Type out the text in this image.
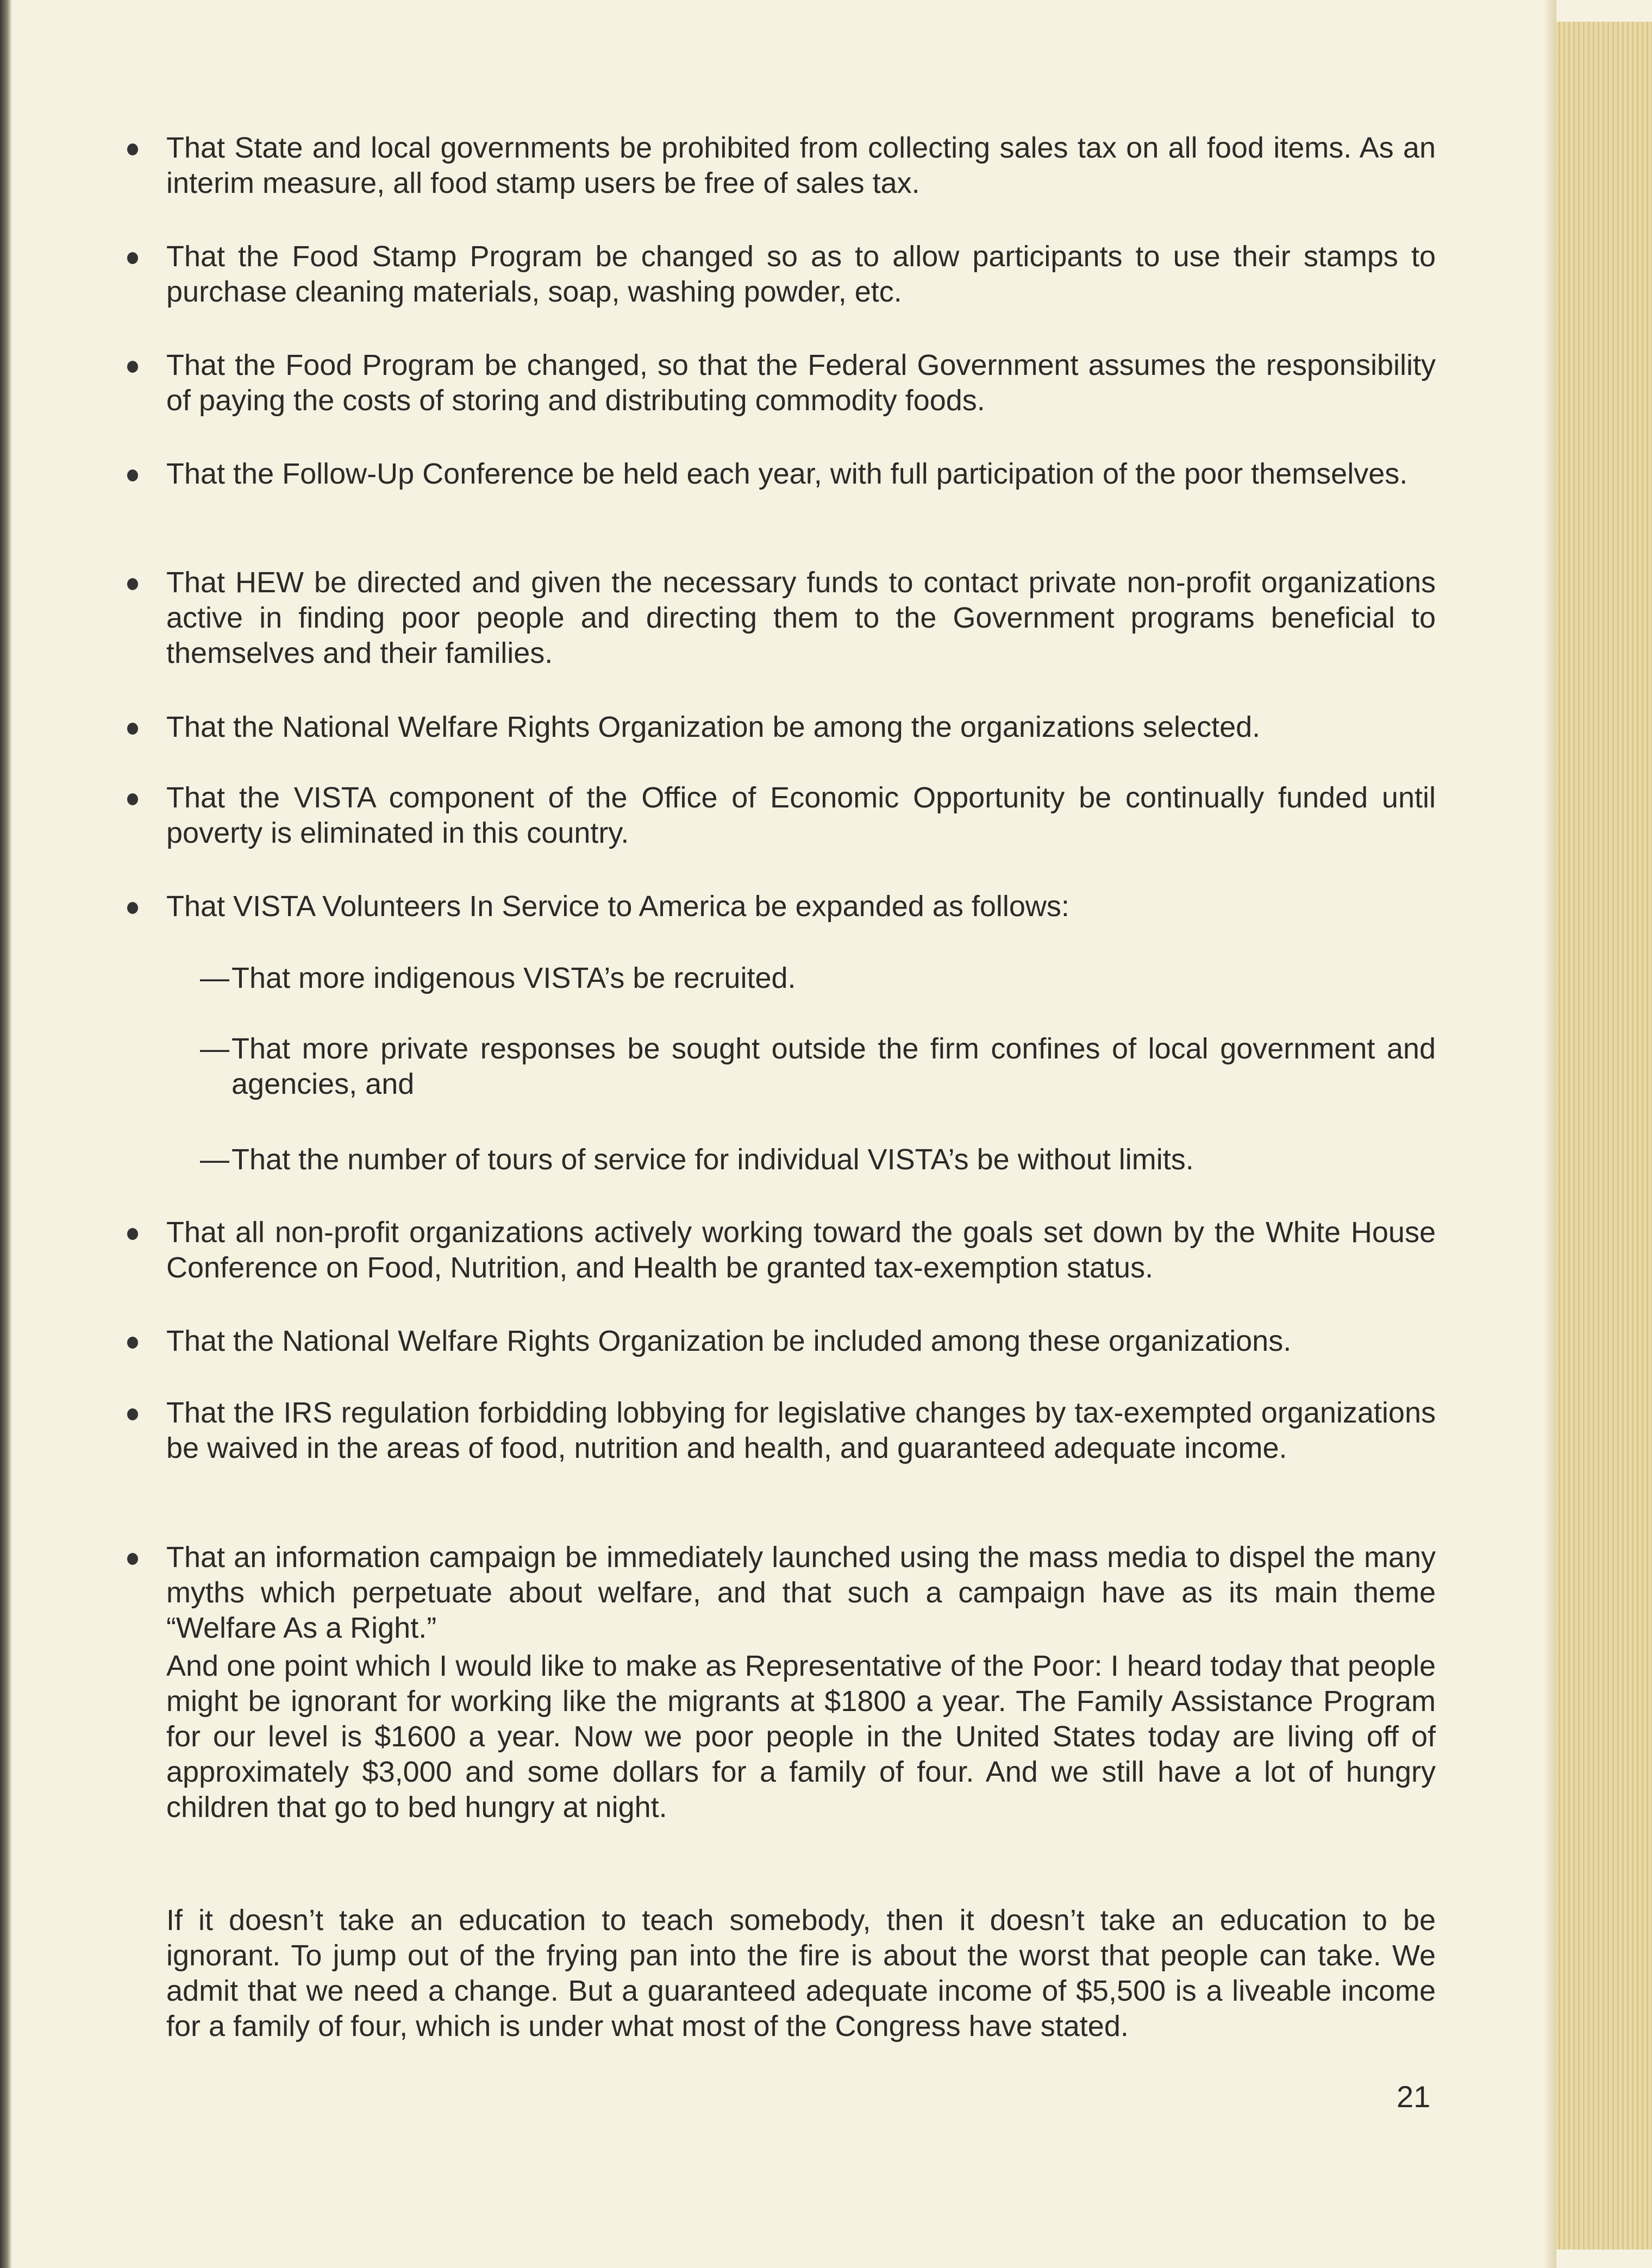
That State and local governments be prohibited from collecting sales tax on all food items. As an interim measure, all food stamp users be free of sales tax.
That the Food Stamp Program be changed so as to allow participants to use their stamps to purchase cleaning materials, soap, washing powder, etc.
That the Food Program be changed, so that the Federal Government assumes the responsibility of paying the costs of storing and distributing commodity foods.
That the Follow-Up Conference be held each year, with full participation of the poor themselves.
That HEW be directed and given the necessary funds to contact private non-profit organizations active in finding poor people and directing them to the Government programs beneficial to themselves and their families.
That the National Welfare Rights Organization be among the organizations selected.
That the VISTA component of the Office of Economic Opportunity be continually funded until poverty is eliminated in this country.
That VISTA Volunteers In Service to America be expanded as follows:
— That more indigenous VISTA’s be recruited.
— That more private responses be sought outside the firm confines of local government and agencies, and
— That the number of tours of service for individual VISTA’s be without limits.
That all non-profit organizations actively working toward the goals set down by the White House Conference on Food, Nutrition, and Health be granted tax-exemption status.
That the National Welfare Rights Organization be included among these organizations.
That the IRS regulation forbidding lobbying for legislative changes by tax-exempted organizations be waived in the areas of food, nutrition and health, and guaranteed adequate income.
That an information campaign be immediately launched using the mass media to dispel the many myths which perpetuate about welfare, and that such a campaign have as its main theme “Welfare As a Right.”
And one point which I would like to make as Representative of the Poor: I heard today that people might be ignorant for working like the migrants at $1800 a year. The Family Assistance Program for our level is $1600 a year. Now we poor people in the United States today are living off of approximately $3,000 and some dollars for a family of four. And we still have a lot of hungry children that go to bed hungry at night.
If it doesn’t take an education to teach somebody, then it doesn’t take an education to be ignorant. To jump out of the frying pan into the fire is about the worst that people can take. We admit that we need a change. But a guaranteed adequate income of $5,500 is a liveable income for a family of four, which is under what most of the Congress have stated.
21
